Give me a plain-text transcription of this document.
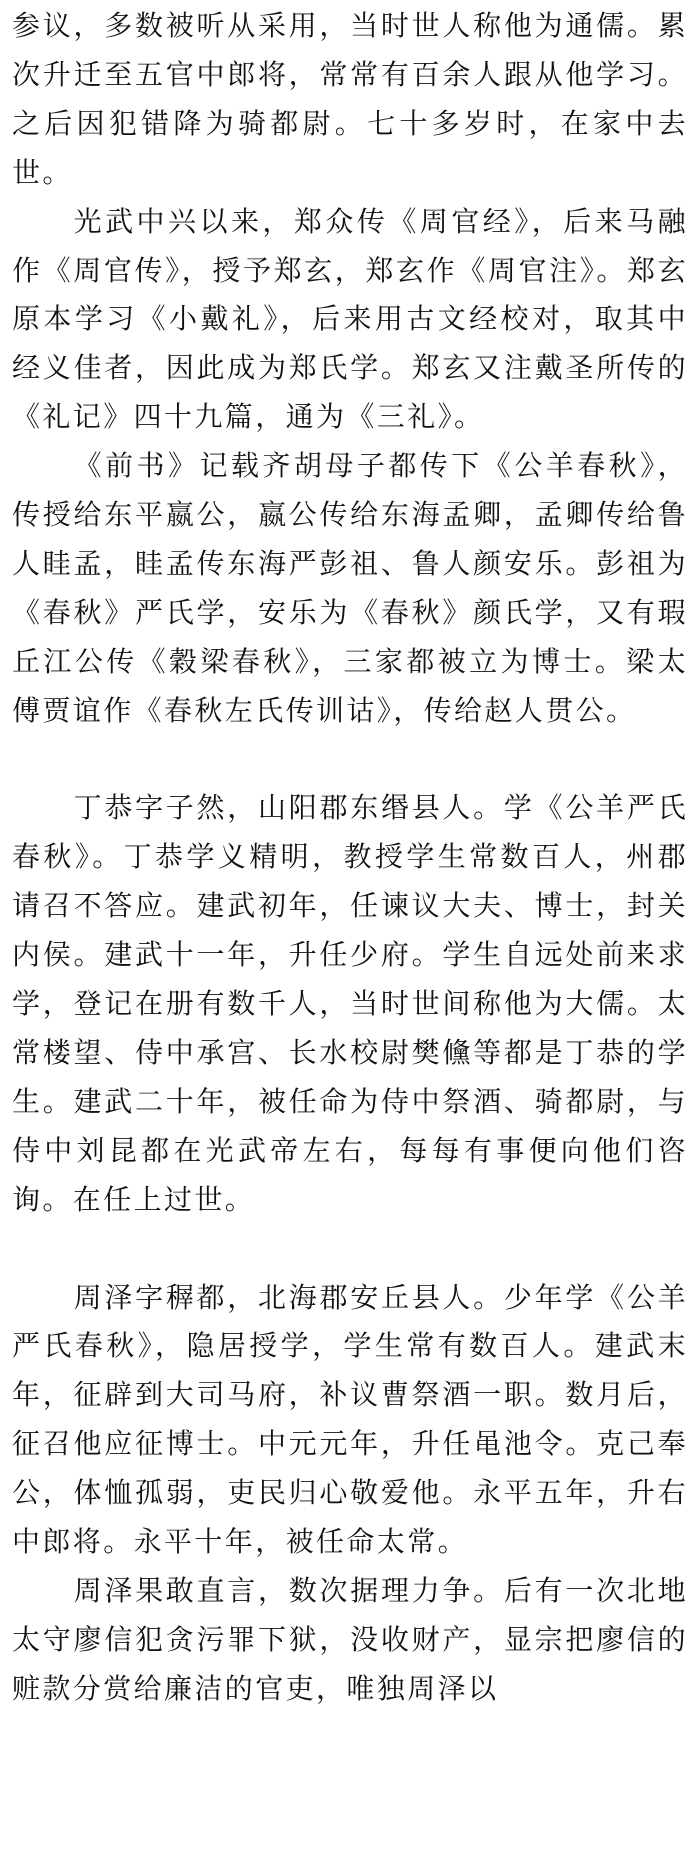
参议，多数被听从采用，当时世人称他为通儒。累次升迁至五官中郎将，常常有百余人跟从他学习。之后因犯错降为骑都尉。七十多岁时，在家中去世。

光武中兴以来，郑众传《周官经》，后来马融作《周官传》，授予郑玄，郑玄作《周官注》。郑玄原本学习《小戴礼》，后来用古文经校对，取其中经义佳者，因此成为郑氏学。郑玄又注戴圣所传的《礼记》四十九篇，通为《三礼》。

《前书》记载齐胡母子都传下《公羊春秋》，传授给东平嬴公，嬴公传给东海孟卿，孟卿传给鲁人眭孟，眭孟传东海严彭祖、鲁人颜安乐。彭祖为《春秋》严氏学，安乐为《春秋》颜氏学，又有瑕丘江公传《穀梁春秋》，三家都被立为博士。梁太傅贾谊作《春秋左氏传训诂》，传给赵人贯公。

丁恭字子然，山阳郡东缗县人。学《公羊严氏春秋》。丁恭学义精明，教授学生常数百人，州郡请召不答应。建武初年，任谏议大夫、博士，封关内侯。建武十一年，升任少府。学生自远处前来求学，登记在册有数千人，当时世间称他为大儒。太常楼望、侍中承宫、长水校尉樊儵等都是丁恭的学生。建武二十年，被任命为侍中祭酒、骑都尉，与侍中刘昆都在光武帝左右，每每有事便向他们咨询。在任上过世。

周泽字稺都，北海郡安丘县人。少年学《公羊严氏春秋》，隐居授学，学生常有数百人。建武末年，征辟到大司马府，补议曹祭酒一职。数月后，征召他应征博士。中元元年，升任黾池令。克己奉公，体恤孤弱，吏民归心敬爱他。永平五年，升右中郎将。永平十年，被任命太常。

周泽果敢直言，数次据理力争。后有一次北地太守廖信犯贪污罪下狱，没收财产，显宗把廖信的赃款分赏给廉洁的官吏，唯独周泽以
